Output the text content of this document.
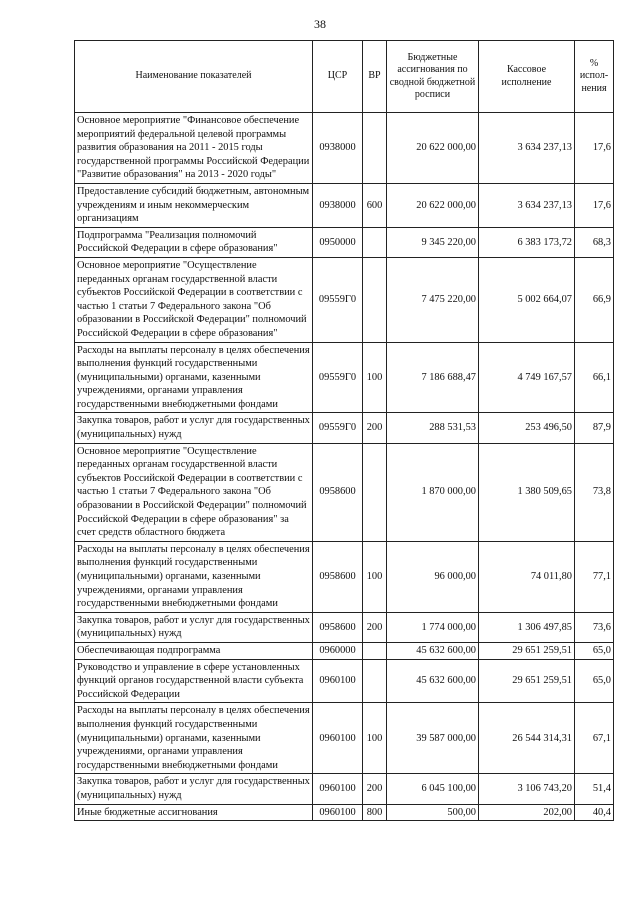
38
Наименование показателей	ЦСР	ВР	Бюджетные ассигнования по сводной бюджетной росписи	Кассовое исполнение	% испол-нения
Основное мероприятие "Финансовое обеспечение мероприятий федеральной целевой программы развития образования на 2011 - 2015 годы государственной программы Российской Федерации "Развитие образования" на 2013 - 2020 годы"	0938000		20 622 000,00	3 634 237,13	17,6
Предоставление субсидий бюджетным, автономным учреждениям и иным некоммерческим организациям	0938000	600	20 622 000,00	3 634 237,13	17,6
Подпрограмма "Реализация полномочий Российской Федерации в сфере образования"	0950000		9 345 220,00	6 383 173,72	68,3
Основное мероприятие "Осуществление переданных органам государственной власти субъектов Российской Федерации в соответствии с частью 1 статьи 7 Федерального закона "Об образовании в Российской Федерации" полномочий Российской Федерации в сфере образования"	09559Г0		7 475 220,00	5 002 664,07	66,9
Расходы на выплаты персоналу в целях обеспечения выполнения функций государственными (муниципальными) органами, казенными учреждениями, органами управления государственными внебюджетными фондами	09559Г0	100	7 186 688,47	4 749 167,57	66,1
Закупка товаров, работ и услуг для государственных (муниципальных) нужд	09559Г0	200	288 531,53	253 496,50	87,9
Основное мероприятие "Осуществление переданных органам государственной власти субъектов Российской Федерации в соответствии с частью 1 статьи 7 Федерального закона "Об образовании в Российской Федерации" полномочий Российской Федерации в сфере образования" за счет средств областного бюджета	0958600		1 870 000,00	1 380 509,65	73,8
Расходы на выплаты персоналу в целях обеспечения выполнения функций государственными (муниципальными) органами, казенными учреждениями, органами управления государственными внебюджетными фондами	0958600	100	96 000,00	74 011,80	77,1
Закупка товаров, работ и услуг для государственных (муниципальных) нужд	0958600	200	1 774 000,00	1 306 497,85	73,6
Обеспечивающая подпрограмма	0960000		45 632 600,00	29 651 259,51	65,0
Руководство и управление в сфере установленных функций органов государственной власти субъекта Российской Федерации	0960100		45 632 600,00	29 651 259,51	65,0
Расходы на выплаты персоналу в целях обеспечения выполнения функций государственными (муниципальными) органами, казенными учреждениями, органами управления государственными внебюджетными фондами	0960100	100	39 587 000,00	26 544 314,31	67,1
Закупка товаров, работ и услуг для государственных (муниципальных) нужд	0960100	200	6 045 100,00	3 106 743,20	51,4
Иные бюджетные ассигнования	0960100	800	500,00	202,00	40,4
